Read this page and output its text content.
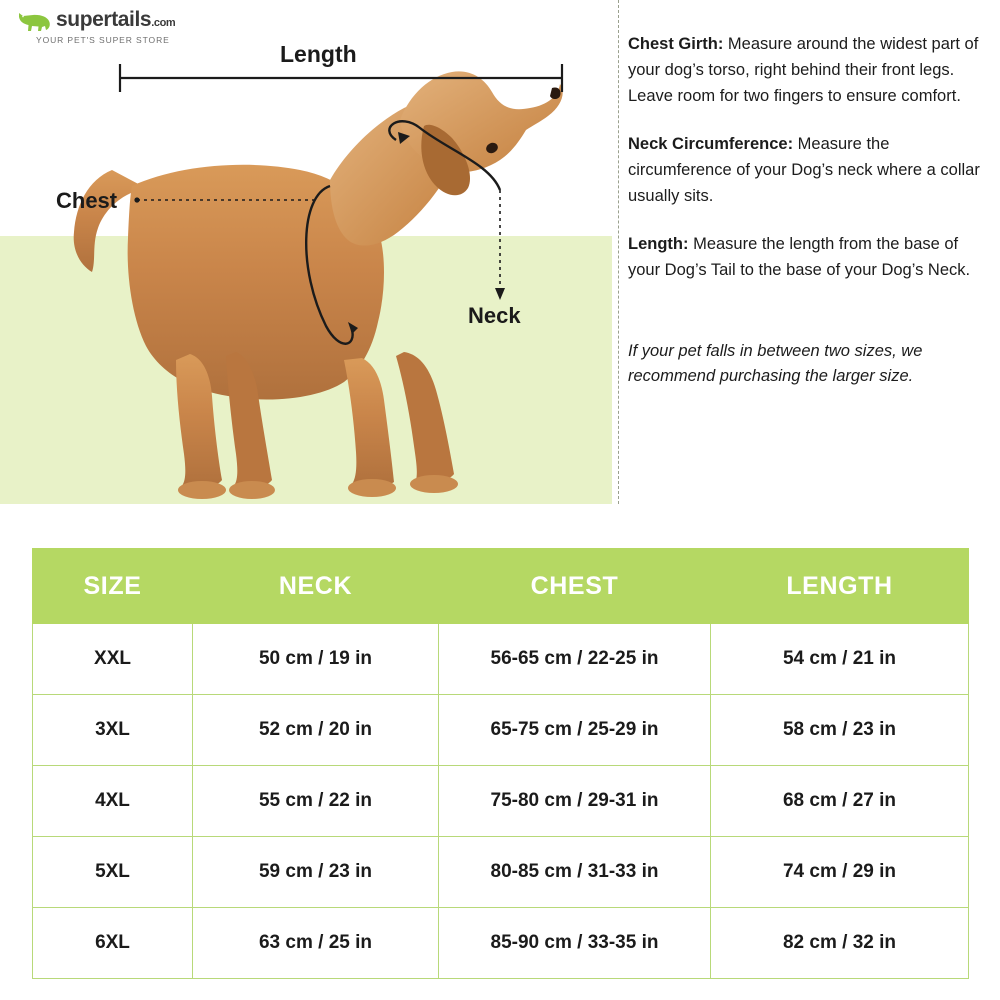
supertails.com
YOUR PET'S SUPER STORE
Length
Chest
Neck

Chest Girth: Measure around the widest part of your dog’s torso, right behind their front legs. Leave room for two fingers to ensure comfort.

Neck Circumference: Measure the circumference of your Dog’s neck where a collar usually sits.

Length: Measure the length from the base of your Dog’s Tail to the base of your Dog’s Neck.

If your pet falls in between two sizes, we recommend purchasing the larger size.

SIZE	NECK	CHEST	LENGTH
XXL	50 cm / 19 in	56-65 cm / 22-25 in	54 cm / 21 in
3XL	52 cm / 20 in	65-75 cm / 25-29 in	58 cm / 23 in
4XL	55 cm / 22 in	75-80 cm / 29-31 in	68 cm / 27 in
5XL	59 cm / 23 in	80-85 cm / 31-33 in	74 cm / 29 in
6XL	63 cm / 25 in	85-90 cm / 33-35 in	82 cm / 32 in
